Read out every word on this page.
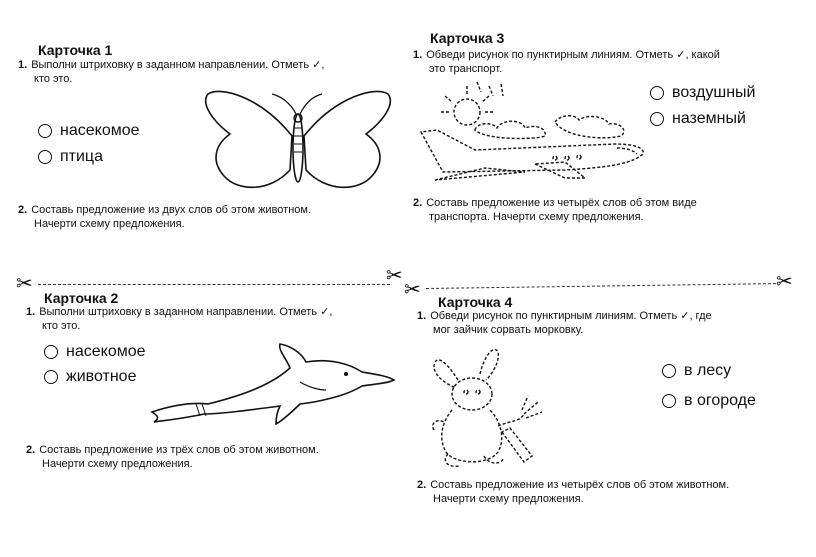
Карточка 1
1. Выполни штриховку в заданном направлении. Отметь ✓,
кто это.
насекомое
птица
2. Составь предложение из двух слов об этом животном.
Начерти схему предложения.
Карточка 3
1. Обведи рисунок по пунктирным линиям. Отметь ✓, какой
это транспорт.
воздушный
наземный
2. Составь предложение из четырёх слов об этом виде
транспорта. Начерти схему предложения.
✂	✂
✂	✂
Карточка 2
1. Выполни штриховку в заданном направлении. Отметь ✓,
кто это.
насекомое
животное
2. Составь предложение из трёх слов об этом животном.
Начерти схему предложения.
Карточка 4
1. Обведи рисунок по пунктирным линиям. Отметь ✓, где
мог зайчик сорвать морковку.
в лесу
в огороде
2. Составь предложение из четырёх слов об этом животном.
Начерти схему предложения.
